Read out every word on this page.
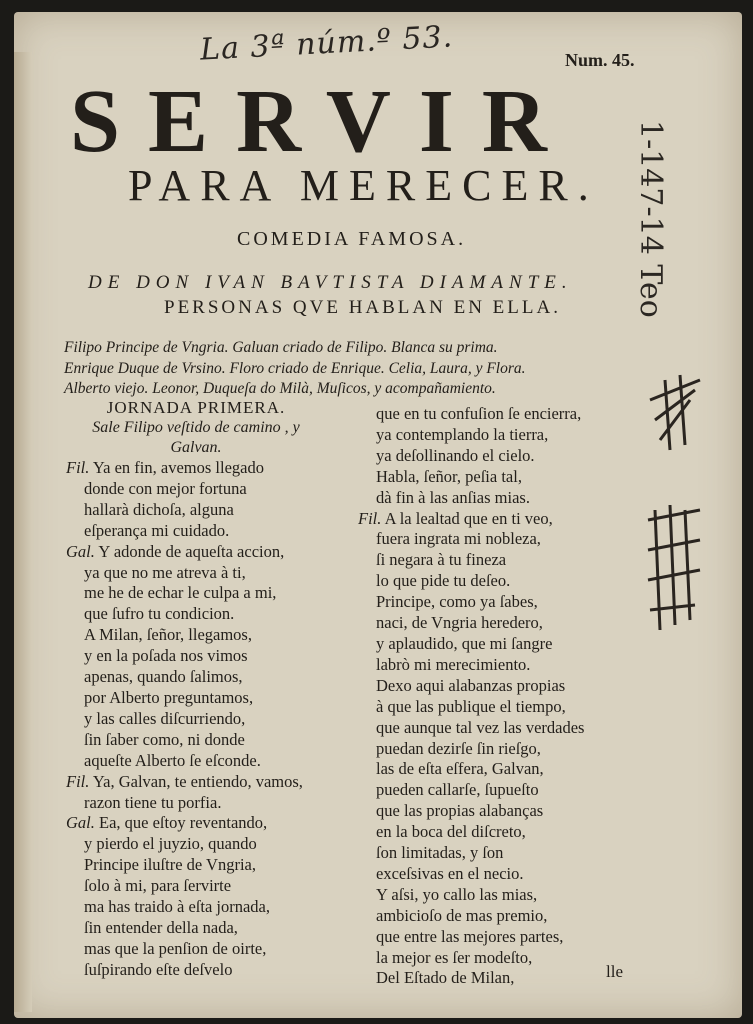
La 3ª núm.º 53.	Num. 45.
SERVIR
PARA MERECER.
COMEDIA FAMOSA.
DE DON IVAN BAVTISTA DIAMANTE.
PERSONAS QVE HABLAN EN ELLA.
Filipo Principe de Vngria. Galuan criado de Filipo. Blanca su prima.
Enrique Duque de Vrsino. Floro criado de Enrique. Celia, Laura, y Flora.
Alberto viejo. Leonor, Duqueſa do Milà, Muſicos, y acompañamiento.
JORNADA PRIMERA.
Sale Filipo veſtido de camino , y Galvan.
Fil. Ya en fin, avemos llegado
donde con mejor fortuna
hallarà dichoſa, alguna
eſperança mi cuidado.
Gal. Y adonde de aqueſta accion,
ya que no me atreva à ti,
me he de echar le culpa a mi,
que ſufro tu condicion.
A Milan, ſeñor, llegamos,
y en la poſada nos vimos
apenas, quando ſalimos,
por Alberto preguntamos,
y las calles diſcurriendo,
ſin ſaber como, ni donde
aqueſte Alberto ſe eſconde.
Fil. Ya, Galvan, te entiendo, vamos,
razon tiene tu porfia.
Gal. Ea, que eſtoy reventando,
y pierdo el juyzio, quando
Principe iluſtre de Vngria,
ſolo à mi, para ſervirte
ma has traido à eſta jornada,
ſin entender della nada,
mas que la penſion de oirte,
ſuſpirando eſte deſvelo
que en tu confuſion ſe encierra,
ya contemplando la tierra,
ya deſollinando el cielo.
Habla, ſeñor, peſia tal,
dà fin à las anſias mias.
Fil. A la lealtad que en ti veo,
fuera ingrata mi nobleza,
ſi negara à tu fineza
lo que pide tu deſeo.
Principe, como ya ſabes,
naci, de Vngria heredero,
y aplaudido, que mi ſangre
labrò mi merecimiento.
Dexo aqui alabanzas propias
à que las publique el tiempo,
que aunque tal vez las verdades
puedan dezirſe ſin rieſgo,
las de eſta eſfera, Galvan,
pueden callarſe, ſupueſto
que las propias alabanças
en la boca del diſcreto,
ſon limitadas, y ſon
exceſsivas en el necio.
Y aſsi, yo callo las mias,
ambicioſo de mas premio,
que entre las mejores partes,
la mejor es ſer modeſto,
Del Eſtado de Milan,	lle
1-147-14 Teo
